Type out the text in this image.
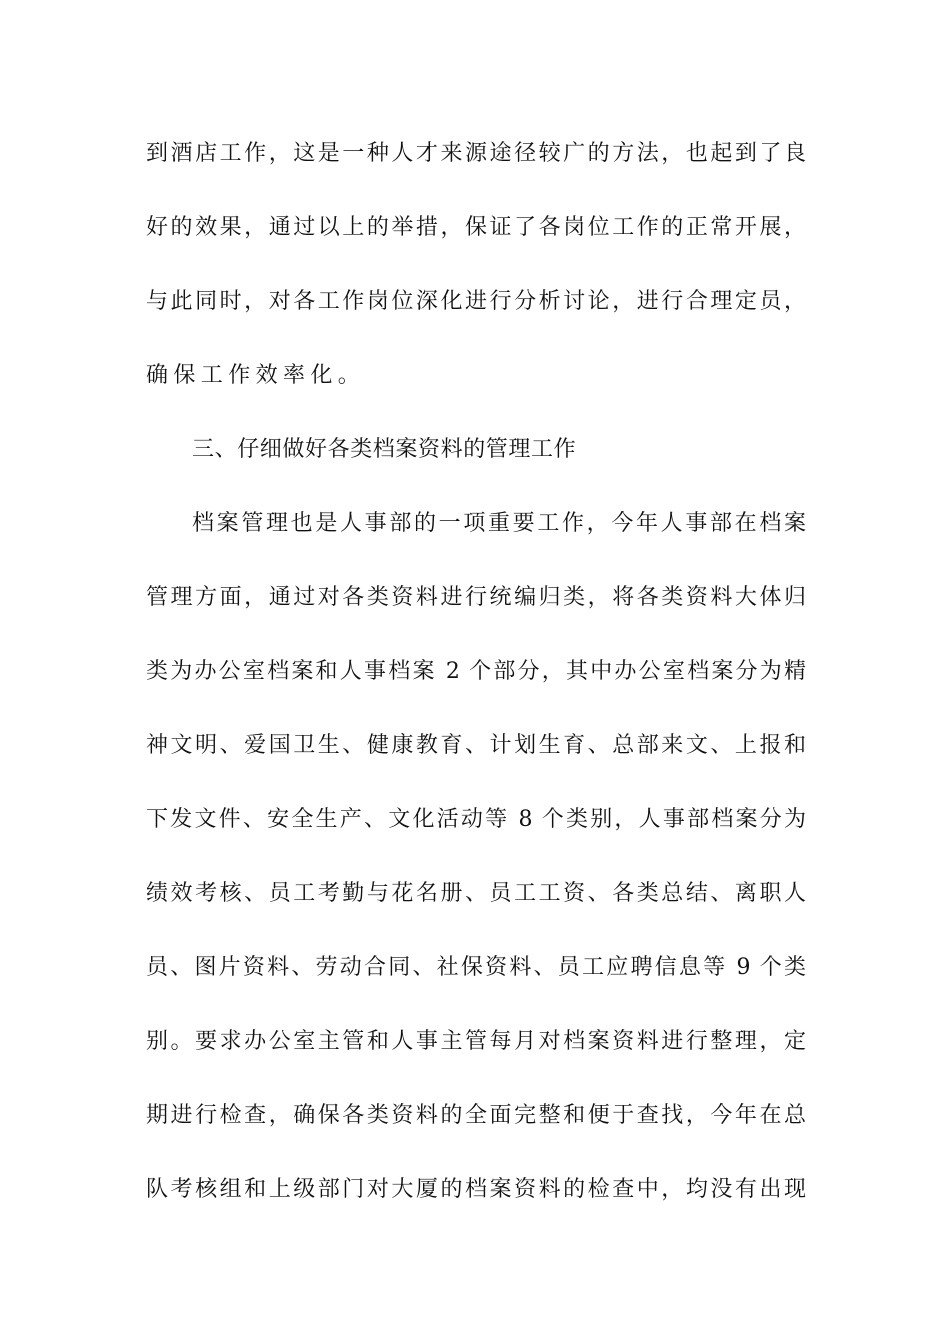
到酒店工作，这是一种人才来源途径较广的方法，也起到了良

好的效果，通过以上的举措，保证了各岗位工作的正常开展，

与此同时，对各工作岗位深化进行分析讨论，进行合理定员，

确保工作效率化。

三、仔细做好各类档案资料的管理工作

档案管理也是人事部的一项重要工作，今年人事部在档案

管理方面，通过对各类资料进行统编归类，将各类资料大体归

类为办公室档案和人事档案 2 个部分，其中办公室档案分为精

神文明、爱国卫生、健康教育、计划生育、总部来文、上报和

下发文件、安全生产、文化活动等 8 个类别，人事部档案分为

绩效考核、员工考勤与花名册、员工工资、各类总结、离职人

员、图片资料、劳动合同、社保资料、员工应聘信息等 9 个类

别。要求办公室主管和人事主管每月对档案资料进行整理，定

期进行检查，确保各类资料的全面完整和便于查找，今年在总

队考核组和上级部门对大厦的档案资料的检查中，均没有出现
